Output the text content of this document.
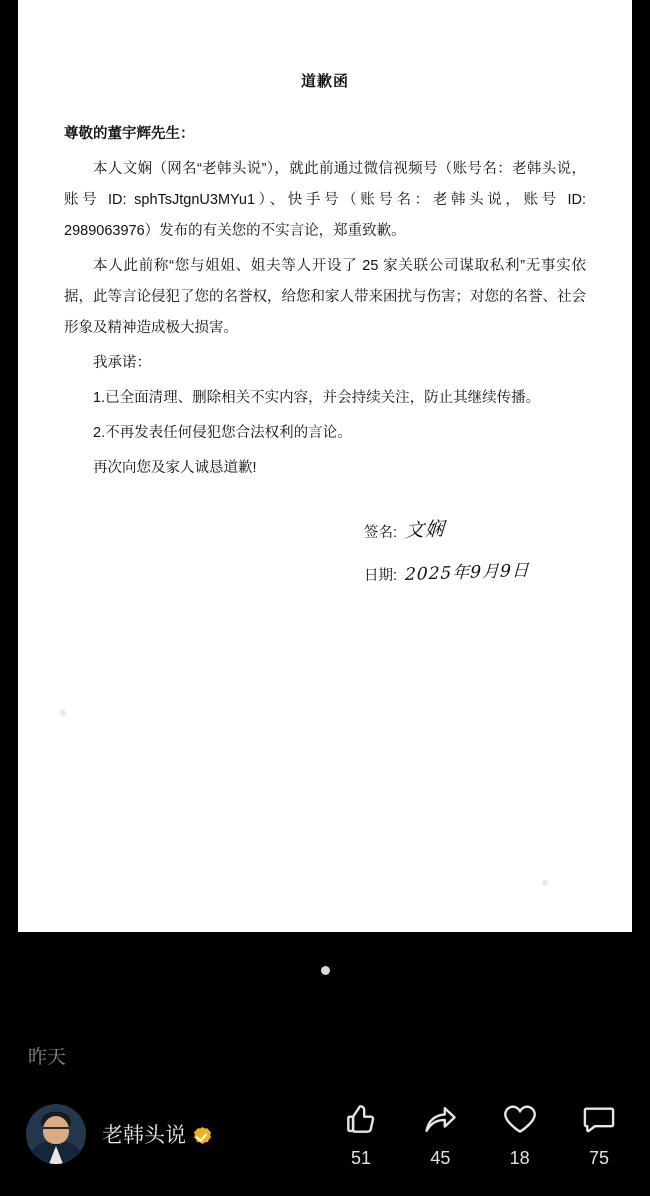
道歉函

尊敬的董宇辉先生：

本人文娴（网名“老韩头说”），就此前通过微信视频号（账号名：老韩头说，账号 ID: sphTsJtgnU3MYu1）、快手号（账号名：老韩头说，账号 ID: 2989063976）发布的有关您的不实言论，郑重致歉。

本人此前称“您与姐姐、姐夫等人开设了 25 家关联公司谋取私利”无事实依据，此等言论侵犯了您的名誉权，给您和家人带来困扰与伤害；对您的名誉、社会形象及精神造成极大损害。

我承诺：

1.已全面清理、删除相关不实内容，并会持续关注，防止其继续传播。

2.不再发表任何侵犯您合法权利的言论。

再次向您及家人诚恳道歉!

签名: 文娴
日期: 2025年9月9日
昨天
老韩头说
51	45	18	75
